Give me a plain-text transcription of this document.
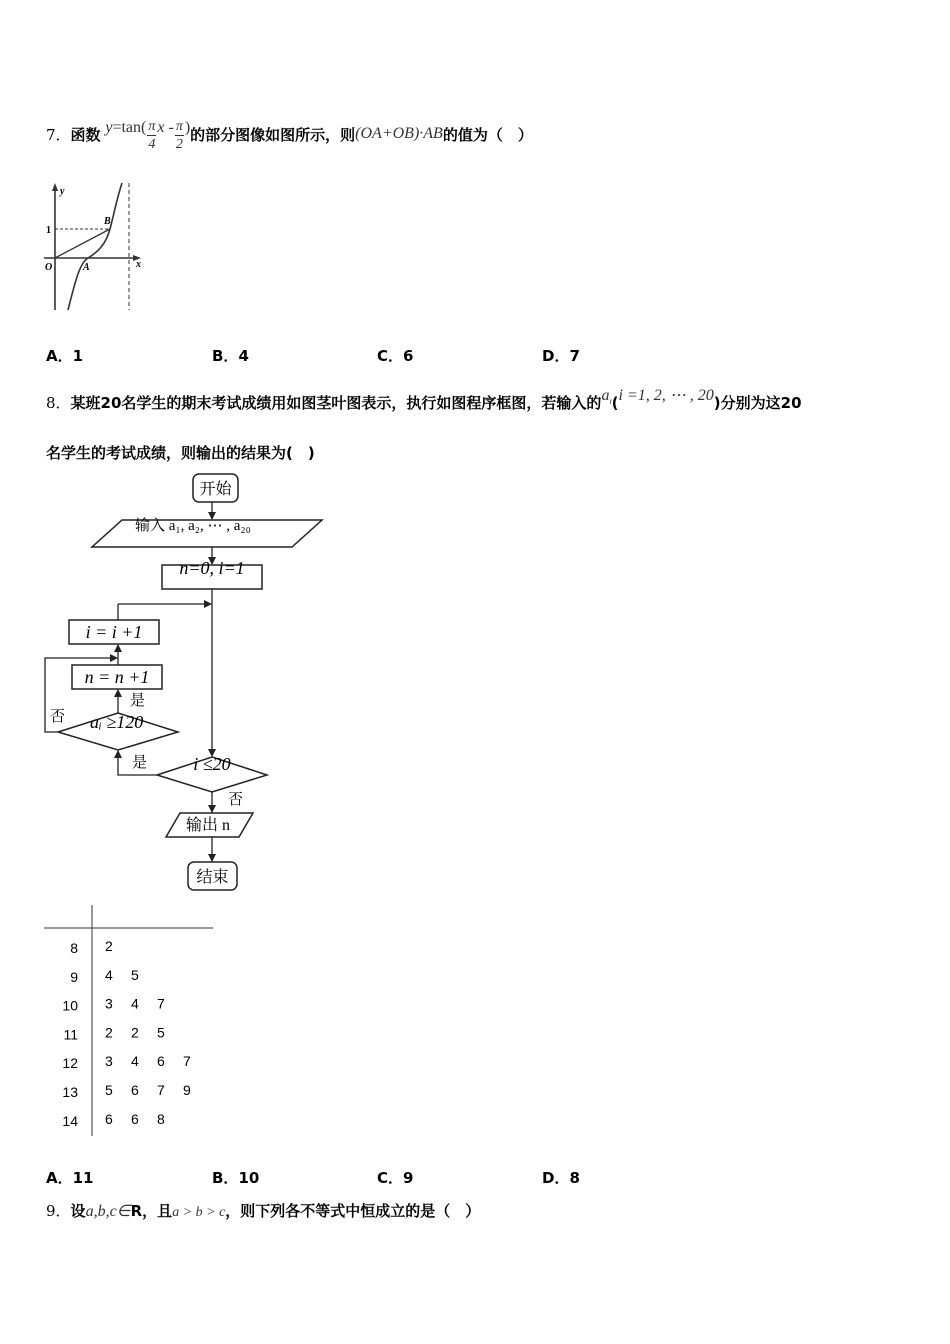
7．函数 $y=\tan( \frac{\pi}{4}$ x - $\frac{\pi}{2}$ )的部分图像如图所示，则(OA+OB)·AB的值为（　）
y
x
O	A
B
1
A．1	B．4	C．6	D．7
8．某班20名学生的期末考试成绩用如图茎叶图表示，执行如图程序框图，若输入的$a_i(i =1$, 2, ⋯ , 20)分别为这20
名学生的考试成绩，则输出的结果为(　)
开始
输入 a₁, a₂, ⋯ , a₂₀
n=0, i=1
i = i +1
n = n +1
是
aᵢ ≥120
否
是	i ≤20
否
输出 n
结束
8 2
9 4 5
10 3 4 7
11 2 2 5
12 3 4 6 7
13 5 6 7 9
14 6 6 8
A．11	B．10	C．9	D．8
9．设a,b,c∈R，且a > b > c，则下列各不等式中恒成立的是（　）
